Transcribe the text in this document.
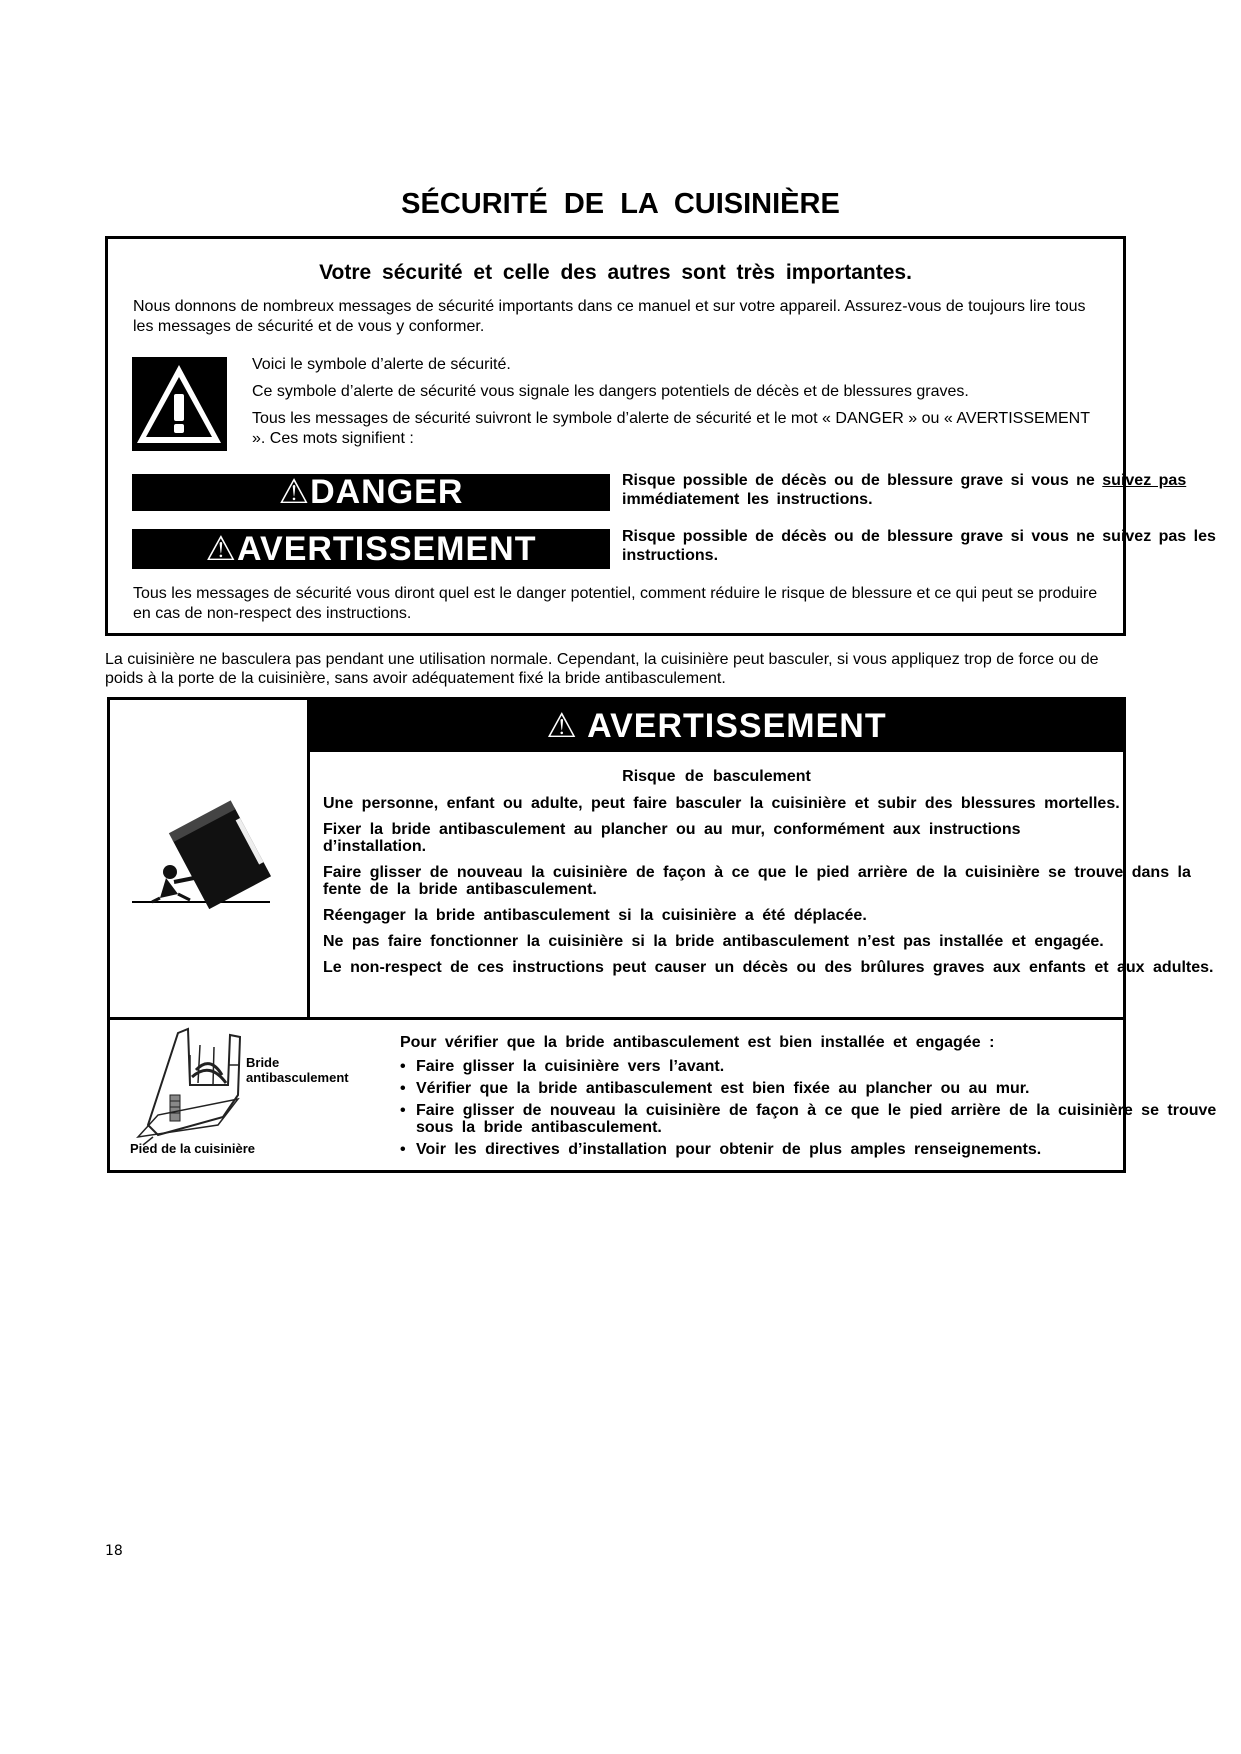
SÉCURITÉ DE LA CUISINIÈRE
Votre sécurité et celle des autres sont très importantes.
Nous donnons de nombreux messages de sécurité importants dans ce manuel et sur votre appareil. Assurez-vous de toujours lire tous les messages de sécurité et de vous y conformer.
Voici le symbole d’alerte de sécurité.
Ce symbole d’alerte de sécurité vous signale les dangers potentiels de décès et de blessures graves.
Tous les messages de sécurité suivront le symbole d’alerte de sécurité et le mot « DANGER » ou « AVERTISSEMENT ». Ces mots signifient :
⚠DANGER	Risque possible de décès ou de blessure grave si vous ne suivez pas immédiatement les instructions.
⚠AVERTISSEMENT	Risque possible de décès ou de blessure grave si vous ne suivez pas les instructions.
Tous les messages de sécurité vous diront quel est le danger potentiel, comment réduire le risque de blessure et ce qui peut se produire en cas de non-respect des instructions.
La cuisinière ne basculera pas pendant une utilisation normale. Cependant, la cuisinière peut basculer, si vous appliquez trop de force ou de poids à la porte de la cuisinière, sans avoir adéquatement fixé la bride antibasculement.
⚠ AVERTISSEMENT
Risque de basculement
Une personne, enfant ou adulte, peut faire basculer la cuisinière et subir des blessures mortelles.
Fixer la bride antibasculement au plancher ou au mur, conformément aux instructions d’installation.
Faire glisser de nouveau la cuisinière de façon à ce que le pied arrière de la cuisinière se trouve dans la fente de la bride antibasculement.
Réengager la bride antibasculement si la cuisinière a été déplacée.
Ne pas faire fonctionner la cuisinière si la bride antibasculement n’est pas installée et engagée.
Le non-respect de ces instructions peut causer un décès ou des brûlures graves aux enfants et aux adultes.
Bride antibasculement
Pied de la cuisinière
Pour vérifier que la bride antibasculement est bien installée et engagée :
• Faire glisser la cuisinière vers l’avant.
• Vérifier que la bride antibasculement est bien fixée au plancher ou au mur.
• Faire glisser de nouveau la cuisinière de façon à ce que le pied arrière de la cuisinière se trouve sous la bride antibasculement.
• Voir les directives d’installation pour obtenir de plus amples renseignements.
18
